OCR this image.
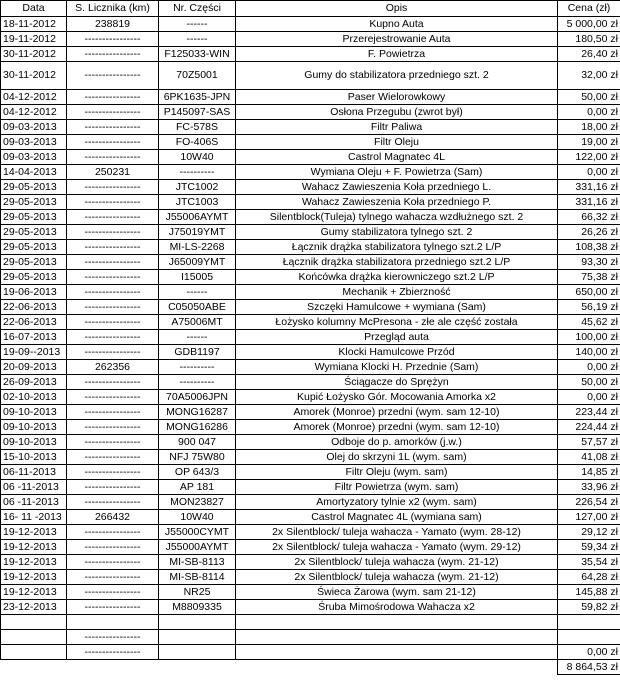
Data	S. Licznika (km)	Nr. Części	Opis	Cena (zł)
18-11-2012	238819	------	Kupno Auta	5 000,00 zł
19-11-2012	----------------	------	Przerejestrowanie Auta	180,50 zł
30-11-2012	----------------	F125033-WIN	F. Powietrza	26,40 zł
30-11-2012	----------------	70Z5001	Gumy do stabilizatora przedniego szt. 2	32,00 zł
04-12-2012	----------------	6PK1635-JPN	Paser Wielorowkowy	50,00 zł
04-12-2012	----------------	P145097-SAS	Osłona Przegubu (zwrot był)	0,00 zł
09-03-2013	----------------	FC-578S	Filtr Paliwa	18,00 zł
09-03-2013	----------------	FO-406S	Filtr Oleju	19,00 zł
09-03-2013	----------------	10W40	Castrol Magnatec 4L	122,00 zł
14-04-2013	250231	----------	Wymiana Oleju + F. Powietrza (Sam)	0,00 zł
29-05-2013	----------------	JTC1002	Wahacz Zawieszenia Koła przedniego L.	331,16 zł
29-05-2013	----------------	JTC1003	Wahacz Zawieszenia Koła przedniego P.	331,16 zł
29-05-2013	----------------	J55006AYMT	Silentblock(Tuleja) tylnego wahacza wzdłużnego szt. 2	66,32 zł
29-05-2013	----------------	J75019YMT	Gumy stabilizatora tylnego szt. 2	26,26 zł
29-05-2013	----------------	MI-LS-2268	Łącznik drążka stabilizatora tylnego szt.2 L/P	108,38 zł
29-05-2013	----------------	J65009YMT	Łącznik drążka stabilizatora przedniego szt.2 L/P	93,30 zł
29-05-2013	----------------	I15005	Końcówka drążka kierowniczego szt.2 L/P	75,38 zł
19-06-2013	----------------	------	Mechanik + Zbierzność	650,00 zł
22-06-2013	----------------	C05050ABE	Szczęki Hamulcowe + wymiana (Sam)	56,19 zł
22-06-2013	----------------	A75006MT	Łożysko kolumny McPresona - złe ale część została	45,62 zł
16-07-2013	----------------	------	Przegląd auta	100,00 zł
19-09--2013	----------------	GDB1197	Klocki Hamulcowe Przód	140,00 zł
20-09-2013	262356	----------	Wymiana Klocki H. Przednie (Sam)	0,00 zł
26-09-2013	----------------	----------	Ściągacze do Sprężyn	50,00 zł
02-10-2013	----------------	70A5006JPN	Kupić Łożysko Gór. Mocowania Amorka x2	0,00 zł
09-10-2013	----------------	MONG16287	Amorek (Monroe) przedni (wym. sam 12-10)	223,44 zł
09-10-2013	----------------	MONG16286	Amorek (Monroe) przedni (wym. sam 12-10)	224,44 zł
09-10-2013	----------------	900 047	Odboje do p. amorków (j.w.)	57,57 zł
15-10-2013	----------------	NFJ 75W80	Olej do skrzyni 1L (wym. sam)	41,08 zł
06-11-2013	----------------	OP 643/3	Filtr Oleju (wym. sam)	14,85 zł
06 -11-2013	----------------	AP 181	Filtr Powietrza (wym. sam)	33,96 zł
06 -11-2013	----------------	MON23827	Amortyzatory tylnie x2 (wym. sam)	226,54 zł
16- 11 -2013	266432	10W40	Castrol Magnatec 4L (wymiana sam)	127,00 zł
19-12-2013	----------------	J55000CYMT	2x Silentblock/ tuleja wahacza - Yamato (wym. 28-12)	29,12 zł
19-12-2013	----------------	J55000AYMT	2x Silentblock/ tuleja wahacza - Yamato (wym. 29-12)	59,34 zł
19-12-2013	----------------	MI-SB-8113	2x Silentblock/ tuleja wahacza (wym. 21-12)	35,54 zł
19-12-2013	----------------	MI-SB-8114	2x Silentblock/ tuleja wahacza (wym. 21-12)	64,28 zł
19-12-2013	----------------	NR25	Świeca Żarowa (wym. sam 21-12)	145,88 zł
23-12-2013	----------------	M8809335	Śruba Mimośrodowa Wahacza x2	59,82 zł

	----------------			
	----------------			0,00 zł
				8 864,53 zł
